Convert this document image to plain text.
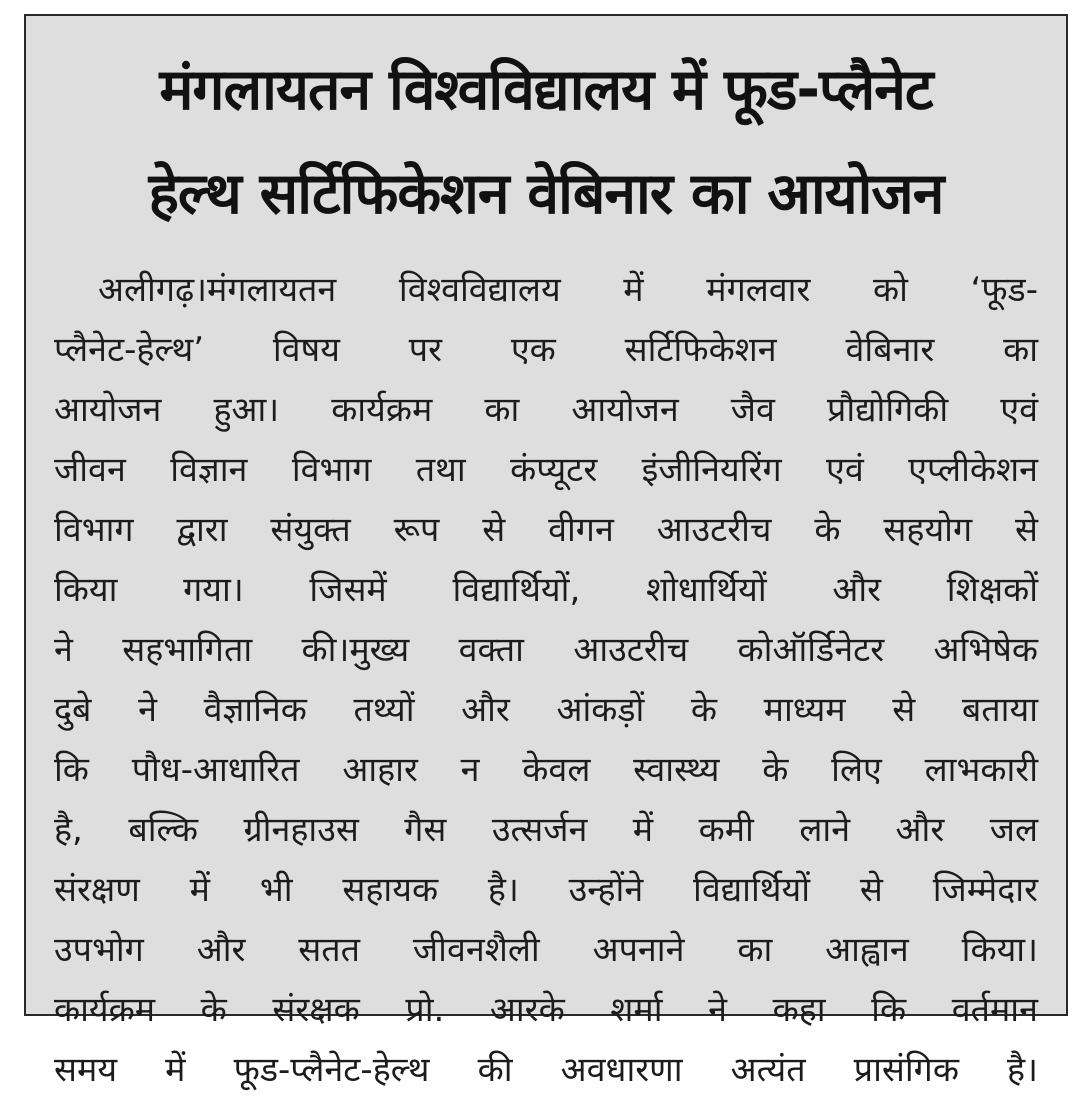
मंगलायतन विश्वविद्यालय में फूड-प्लैनेट
हेल्थ सर्टिफिकेशन वेबिनार का आयोजन
अलीगढ़।मंगलायतन विश्वविद्यालय में मंगलवार को ‘फूड-
प्लैनेट-हेल्थ’ विषय पर एक सर्टिफिकेशन वेबिनार का
आयोजन हुआ। कार्यक्रम का आयोजन जैव प्रौद्योगिकी एवं
जीवन विज्ञान विभाग तथा कंप्यूटर इंजीनियरिंग एवं एप्लीकेशन
विभाग द्वारा संयुक्त रूप से वीगन आउटरीच के सहयोग से
किया गया। जिसमें विद्यार्थियों, शोधार्थियों और शिक्षकों
ने सहभागिता की।मुख्य वक्ता आउटरीच कोऑर्डिनेटर अभिषेक
दुबे ने वैज्ञानिक तथ्यों और आंकड़ों के माध्यम से बताया
कि पौध-आधारित आहार न केवल स्वास्थ्य के लिए लाभकारी
है, बल्कि ग्रीनहाउस गैस उत्सर्जन में कमी लाने और जल
संरक्षण में भी सहायक है। उन्होंने विद्यार्थियों से जिम्मेदार
उपभोग और सतत जीवनशैली अपनाने का आह्वान किया।
कार्यक्रम के संरक्षक प्रो. आरके शर्मा ने कहा कि वर्तमान
समय में फूड-प्लैनेट-हेल्थ की अवधारणा अत्यंत प्रासंगिक है।
